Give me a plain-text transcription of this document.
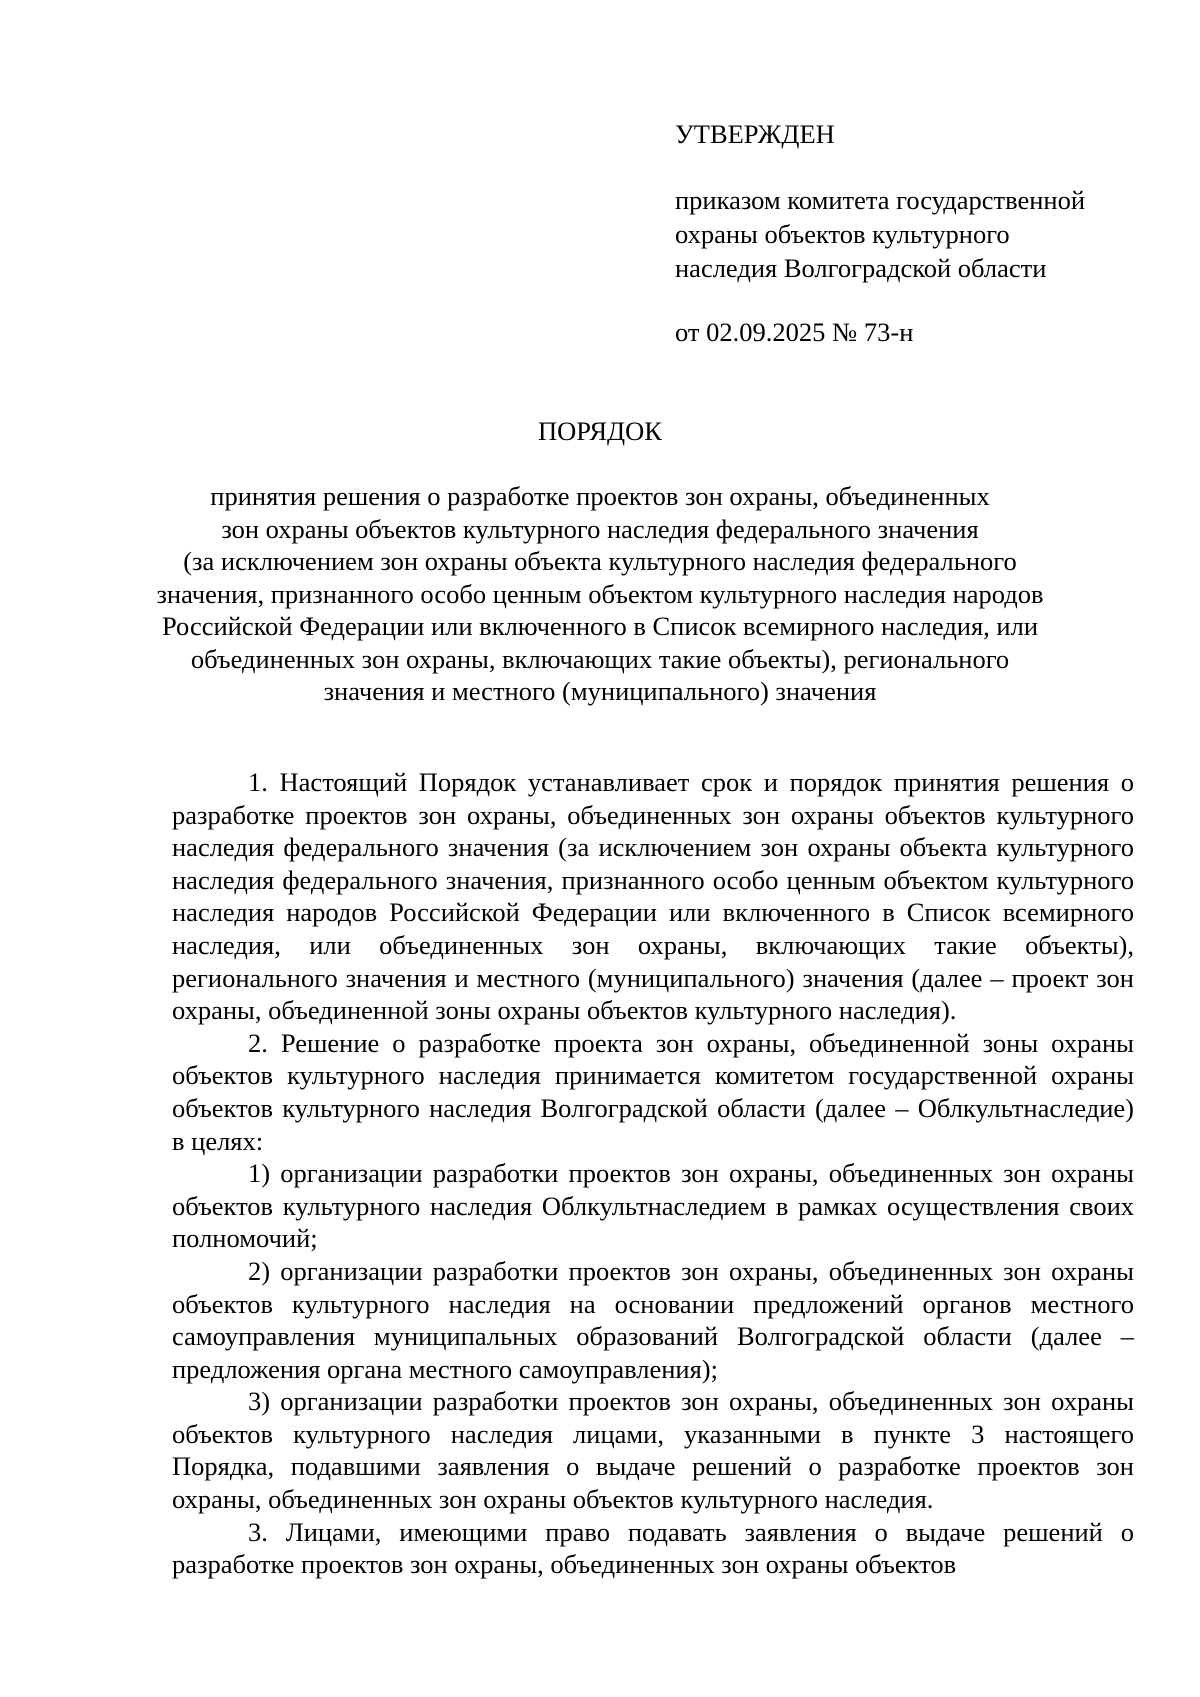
УТВЕРЖДЕН

приказом комитета государственной

охраны объектов культурного

наследия Волгоградской области

от 02.09.2025 № 73-н

ПОРЯДОК
принятия решения о разработке проектов зон охраны, объединенных
зон охраны объектов культурного наследия федерального значения
(за исключением зон охраны объекта культурного наследия федерального
значения, признанного особо ценным объектом культурного наследия народов
Российской Федерации или включенного в Список всемирного наследия, или
объединенных зон охраны, включающих такие объекты), регионального
значения и местного (муниципального) значения

1. Настоящий Порядок устанавливает срок и порядок принятия решения о разработке проектов зон охраны, объединенных зон охраны объектов культурного наследия федерального значения (за исключением зон охраны объекта культурного наследия федерального значения, признанного особо ценным объектом культурного наследия народов Российской Федерации или включенного в Список всемирного наследия, или объединенных зон охраны, включающих такие объекты), регионального значения и местного (муниципального) значения (далее – проект зон охраны, объединенной зоны охраны объектов культурного наследия).

2. Решение о разработке проекта зон охраны, объединенной зоны охраны объектов культурного наследия принимается комитетом государственной охраны объектов культурного наследия Волгоградской области (далее – Облкультнаследие) в целях:

1) организации разработки проектов зон охраны, объединенных зон охраны объектов культурного наследия Облкультнаследием в рамках осуществления своих полномочий;

2) организации разработки проектов зон охраны, объединенных зон охраны объектов культурного наследия на основании предложений органов местного самоуправления муниципальных образований Волгоградской области (далее – предложения органа местного самоуправления);

3) организации разработки проектов зон охраны, объединенных зон охраны объектов культурного наследия лицами, указанными в пункте 3 настоящего Порядка, подавшими заявления о выдаче решений о разработке проектов зон охраны, объединенных зон охраны объектов культурного наследия.

3. Лицами, имеющими право подавать заявления о выдаче решений о разработке проектов зон охраны, объединенных зон охраны объектов
